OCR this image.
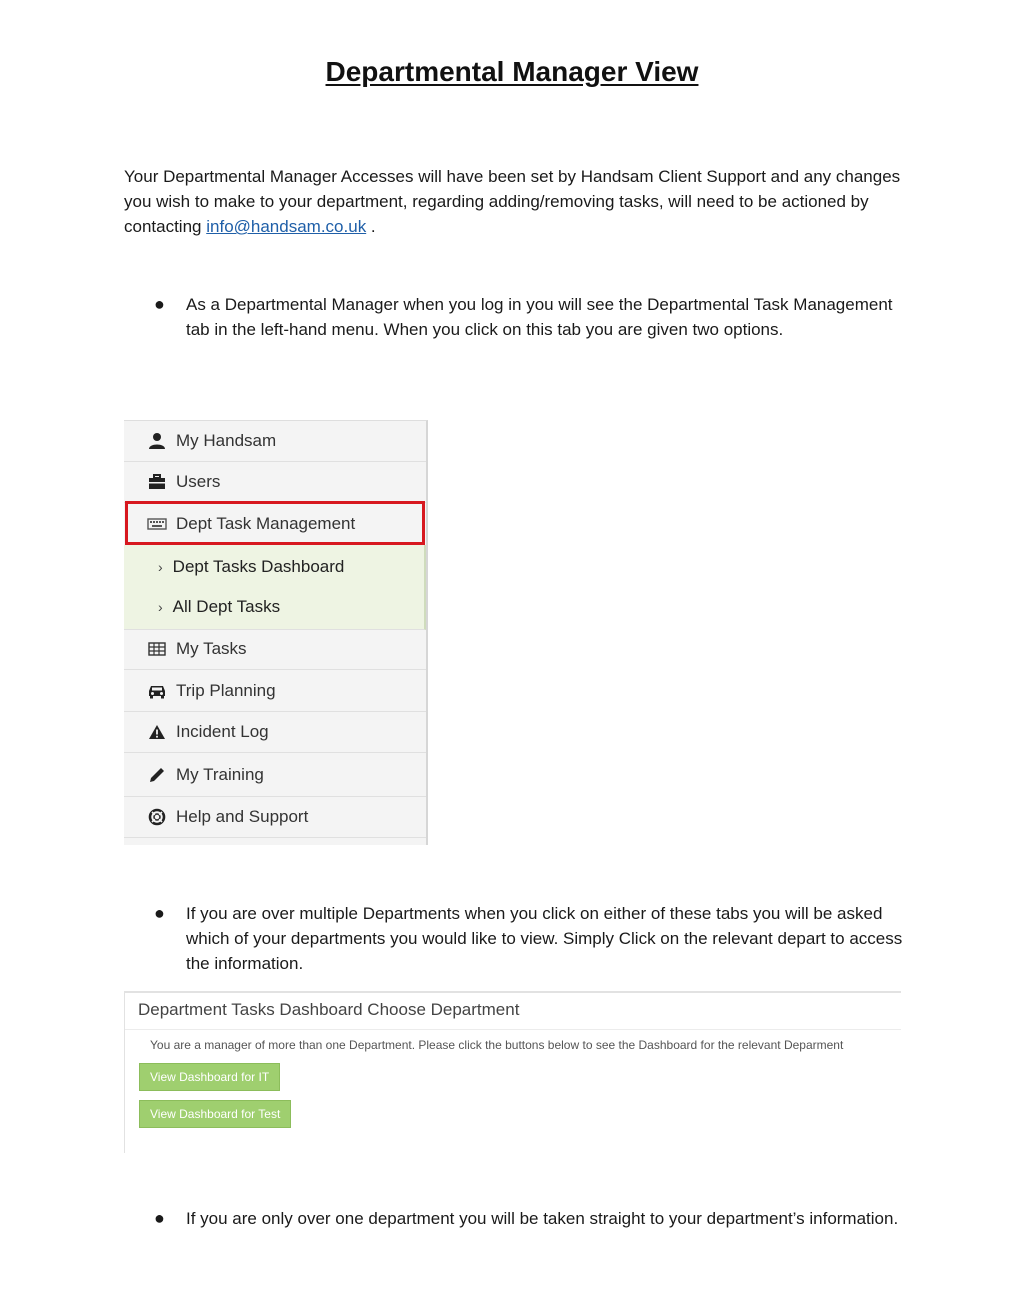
Departmental Manager View
Your Departmental Manager Accesses will have been set by Handsam Client Support and any changes you wish to make to your department, regarding adding/removing tasks, will need to be actioned by contacting info@handsam.co.uk .
● As a Departmental Manager when you log in you will see the Departmental Task Management tab in the left-hand menu. When you click on this tab you are given two options.
My Handsam
Users
Dept Task Management
› Dept Tasks Dashboard
› All Dept Tasks
My Tasks
Trip Planning
Incident Log
My Training
Help and Support
● If you are over multiple Departments when you click on either of these tabs you will be asked which of your departments you would like to view. Simply Click on the relevant depart to access the information.
Department Tasks Dashboard Choose Department
You are a manager of more than one Department. Please click the buttons below to see the Dashboard for the relevant Deparment
View Dashboard for IT
View Dashboard for Test
● If you are only over one department you will be taken straight to your department’s information.
